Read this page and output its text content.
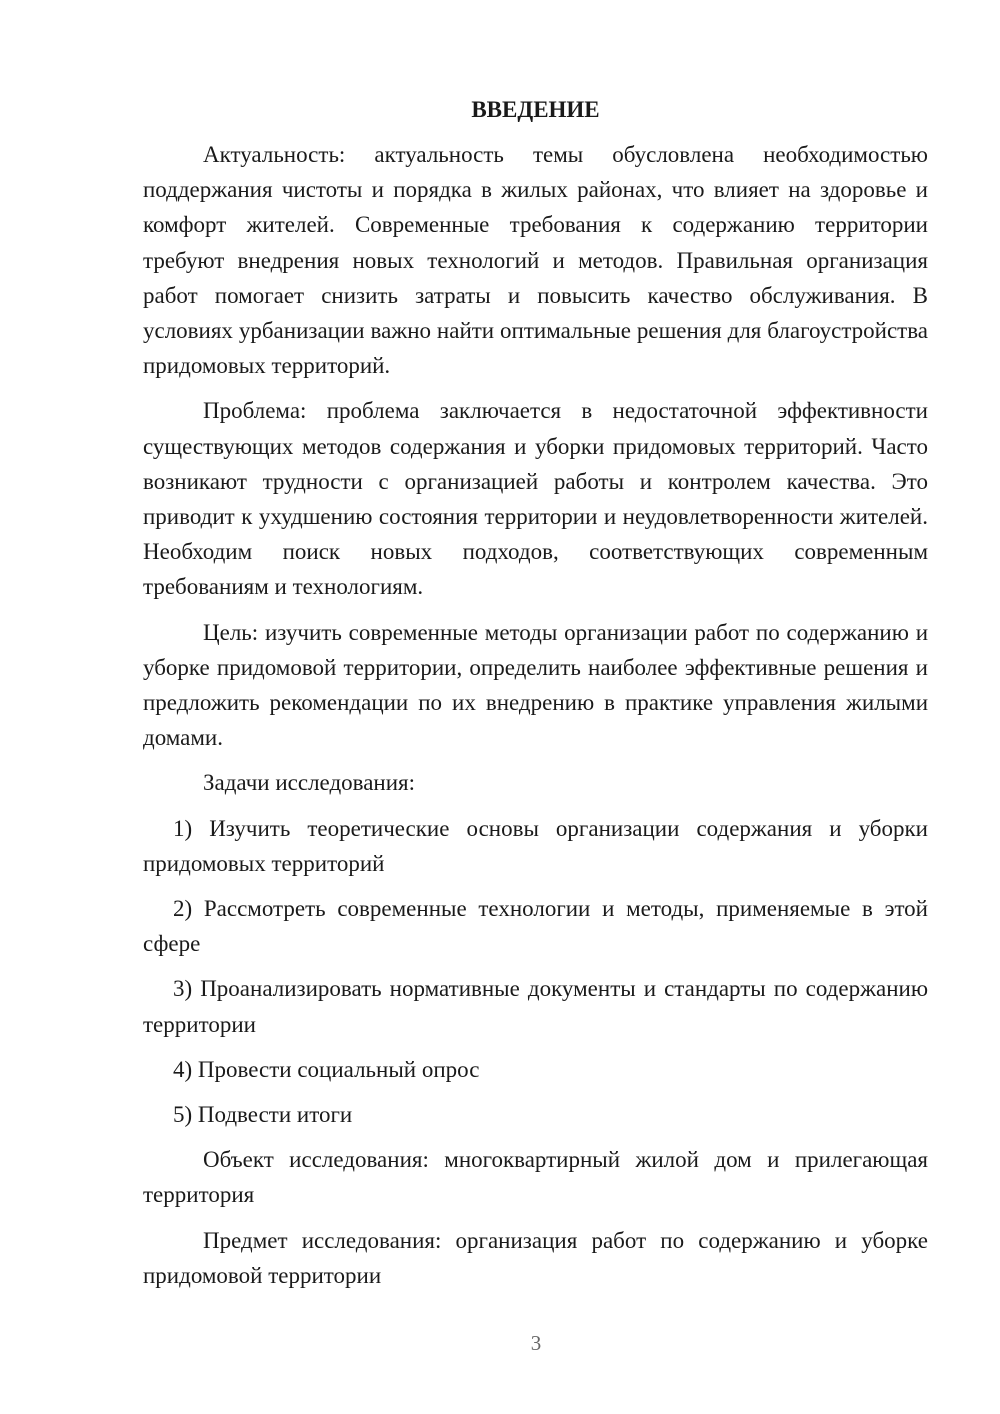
ВВЕДЕНИЕ

Актуальность: актуальность темы обусловлена необходимостью поддержания чистоты и порядка в жилых районах, что влияет на здоровье и комфорт жителей. Современные требования к содержанию территории требуют внедрения новых технологий и методов. Правильная организация работ помогает снизить затраты и повысить качество обслуживания. В условиях урбанизации важно найти оптимальные решения для благоустройства придомовых территорий.

Проблема: проблема заключается в недостаточной эффективности существующих методов содержания и уборки придомовых территорий. Часто возникают трудности с организацией работы и контролем качества. Это приводит к ухудшению состояния территории и неудовлетворенности жителей. Необходим поиск новых подходов, соответствующих современным требованиям и технологиям.

Цель: изучить современные методы организации работ по содержанию и уборке придомовой территории, определить наиболее эффективные решения и предложить рекомендации по их внедрению в практике управления жилыми домами.

Задачи исследования:

1) Изучить теоретические основы организации содержания и уборки придомовых территорий

2) Рассмотреть современные технологии и методы, применяемые в этой сфере

3) Проанализировать нормативные документы и стандарты по содержанию территории

4) Провести социальный опрос

5) Подвести итоги

Объект исследования: многоквартирный жилой дом и прилегающая территория

Предмет исследования: организация работ по содержанию и уборке придомовой территории

3
